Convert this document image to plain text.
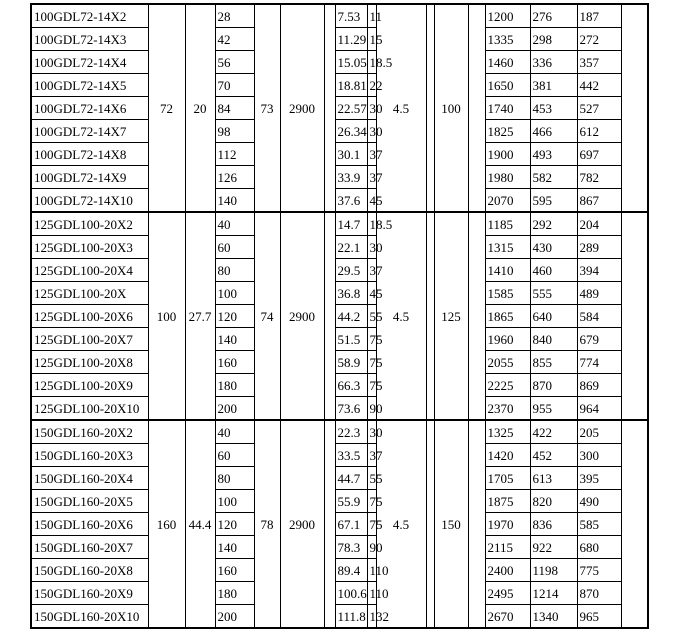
100GDL72-14X2	72	20	28	73	2900		7.53	11	4.5		100		1200	276	187	
100GDL72-14X3			42				11.29	15					1335	298	272	
100GDL72-14X4			56				15.05	18.5					1460	336	357	
100GDL72-14X5			70				18.81	22					1650	381	442	
100GDL72-14X6			84				22.57	30					1740	453	527	
100GDL72-14X7			98				26.34	30					1825	466	612	
100GDL72-14X8			112				30.1	37					1900	493	697	
100GDL72-14X9			126				33.9	37					1980	582	782	
100GDL72-14X10			140				37.6	45					2070	595	867	
125GDL100-20X2	100	27.7	40	74	2900		14.7	18.5	4.5		125		1185	292	204	
125GDL100-20X3			60				22.1	30					1315	430	289	
125GDL100-20X4			80				29.5	37					1410	460	394	
125GDL100-20X			100				36.8	45					1585	555	489	
125GDL100-20X6			120				44.2	55					1865	640	584	
125GDL100-20X7			140				51.5	75					1960	840	679	
125GDL100-20X8			160				58.9	75					2055	855	774	
125GDL100-20X9			180				66.3	75					2225	870	869	
125GDL100-20X10			200				73.6	90					2370	955	964	
150GDL160-20X2	160	44.4	40	78	2900		22.3	30	4.5		150		1325	422	205	
150GDL160-20X3			60				33.5	37					1420	452	300	
150GDL160-20X4			80				44.7	55					1705	613	395	
150GDL160-20X5			100				55.9	75					1875	820	490	
150GDL160-20X6			120				67.1	75					1970	836	585	
150GDL160-20X7			140				78.3	90					2115	922	680	
150GDL160-20X8			160				89.4	110					2400	1198	775	
150GDL160-20X9			180				100.6	110					2495	1214	870	
150GDL160-20X10			200				111.8	132					2670	1340	965	
